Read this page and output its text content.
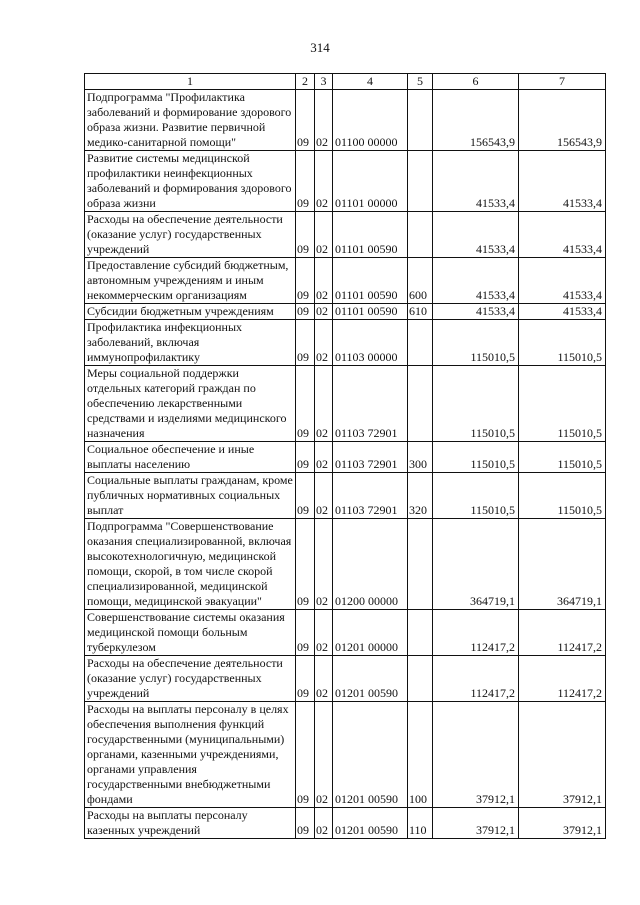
314
1	2	3	4	5	6	7
Подпрограмма "Профилактика заболеваний и формирование здорового образа жизни. Развитие первичной медико-санитарной помощи"	09	02	01100 00000		156543,9	156543,9
Развитие системы медицинской профилактики неинфекционных заболеваний и формирования здорового образа жизни	09	02	01101 00000		41533,4	41533,4
Расходы на обеспечение деятельности (оказание услуг) государственных учреждений	09	02	01101 00590		41533,4	41533,4
Предоставление субсидий бюджетным, автономным учреждениям и иным некоммерческим организациям	09	02	01101 00590	600	41533,4	41533,4
Субсидии бюджетным учреждениям	09	02	01101 00590	610	41533,4	41533,4
Профилактика инфекционных заболеваний, включая иммунопрофилактику	09	02	01103 00000		115010,5	115010,5
Меры социальной поддержки отдельных категорий граждан по обеспечению лекарственными средствами и изделиями медицинского назначения	09	02	01103 72901		115010,5	115010,5
Социальное обеспечение и иные выплаты населению	09	02	01103 72901	300	115010,5	115010,5
Социальные выплаты гражданам, кроме публичных нормативных социальных выплат	09	02	01103 72901	320	115010,5	115010,5
Подпрограмма "Совершенствование оказания специализированной, включая высокотехнологичную, медицинской помощи, скорой, в том числе скорой специализированной, медицинской помощи, медицинской эвакуации"	09	02	01200 00000		364719,1	364719,1
Совершенствование системы оказания медицинской помощи больным туберкулезом	09	02	01201 00000		112417,2	112417,2
Расходы на обеспечение деятельности (оказание услуг) государственных учреждений	09	02	01201 00590		112417,2	112417,2
Расходы на выплаты персоналу в целях обеспечения выполнения функций государственными (муниципальными) органами, казенными учреждениями, органами управления государственными внебюджетными фондами	09	02	01201 00590	100	37912,1	37912,1
Расходы на выплаты персоналу казенных учреждений	09	02	01201 00590	110	37912,1	37912,1
